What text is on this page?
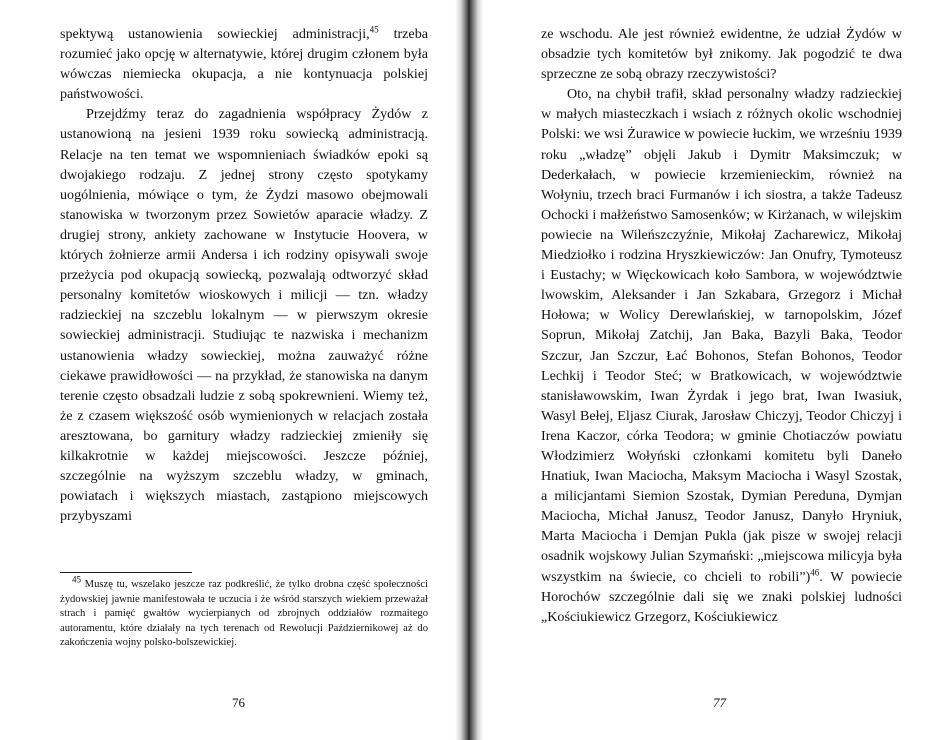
spektywą ustanowienia sowieckiej administracji,$^{45}$ trzeba rozumieć jako opcję w alternatywie, której drugim członem była wówczas niemiecka okupacja, a nie kontynuacja polskiej państwowości.

Przejdźmy teraz do zagadnienia współpracy Żydów z ustanowioną na jesieni 1939 roku sowiecką administracją. Relacje na ten temat we wspomnieniach świadków epoki są dwojakiego rodzaju. Z jednej strony często spotykamy uogólnienia, mówiące o tym, że Żydzi masowo obejmowali stanowiska w tworzonym przez Sowietów aparacie władzy. Z drugiej strony, ankiety zachowane w Instytucie Hoovera, w których żołnierze armii Andersa i ich rodziny opisywali swoje przeżycia pod okupacją sowiecką, pozwalają odtworzyć skład personalny komitetów wioskowych i milicji — tzn. władzy radzieckiej na szczeblu lokalnym — w pierwszym okresie sowieckiej administracji. Studiując te nazwiska i mechanizm ustanowienia władzy sowieckiej, można zauważyć różne ciekawe prawidłowości — na przykład, że stanowiska na danym terenie często obsadzali ludzie z sobą spokrewnieni. Wiemy też, że z czasem większość osób wymienionych w relacjach została aresztowana, bo garnitury władzy radzieckiej zmieniły się kilkakrotnie w każdej miejscowości. Jeszcze później, szczególnie na wyższym szczeblu władzy, w gminach, powiatach i większych miastach, zastąpiono miejscowych przybyszami

$^{45}$ Muszę tu, wszelako jeszcze raz podkreślić, że tylko drobna część społeczności żydowskiej jawnie manifestowała te uczucia i że wśród starszych wiekiem przeważał strach i pamięć gwałtów wycierpianych od zbrojnych oddziałów rozmaitego autoramentu, które działały na tych terenach od Rewolucji Październikowej aż do zakończenia wojny polsko-bolszewickiej.

76

ze wschodu. Ale jest również ewidentne, że udział Żydów w obsadzie tych komitetów był znikomy. Jak pogodzić te dwa sprzeczne ze sobą obrazy rzeczywistości?

Oto, na chybił trafił, skład personalny władzy radzieckiej w małych miasteczkach i wsiach z różnych okolic wschodniej Polski: we wsi Żurawice w powiecie łuckim, we wrześniu 1939 roku „władzę” objęli Jakub i Dymitr Maksimczuk; w Dederkałach, w powiecie krzemienieckim, również na Wołyniu, trzech braci Furmanów i ich siostra, a także Tadeusz Ochocki i małżeństwo Samosenków; w Kirżanach, w wilejskim powiecie na Wileńszczyźnie, Mikołaj Zacharewicz, Mikołaj Miedziołko i rodzina Hryszkiewiczów: Jan Onufry, Tymoteusz i Eustachy; w Więckowicach koło Sambora, w województwie lwowskim, Aleksander i Jan Szkabara, Grzegorz i Michał Hołowa; w Wolicy Derewlańskiej, w tarnopolskim, Józef Soprun, Mikołaj Zatchij, Jan Baka, Bazyli Baka, Teodor Szczur, Jan Szczur, Łać Bohonos, Stefan Bohonos, Teodor Lechkij i Teodor Steć; w Bratkowicach, w województwie stanisławowskim, Iwan Żyrdak i jego brat, Iwan Iwasiuk, Wasyl Bełej, Eljasz Ciurak, Jarosław Chiczyj, Teodor Chiczyj i Irena Kaczor, córka Teodora; w gminie Chotiaczów powiatu Włodzimierz Wołyński członkami komitetu byli Danełо Hnatiuk, Iwan Maciocha, Maksym Maciocha i Wasyl Szostak, a milicjantami Siemion Szostak, Dymian Pereduna, Dymjan Maciocha, Michał Janusz, Teodor Janusz, Danyło Hryniuk, Marta Maciocha i Demjan Pukla (jak pisze w swojej relacji osadnik wojskowy Julian Szymański: „miejscowa milicyja była wszystkim na świecie, co chcieli to robili”)$^{46}$. W powiecie Horochów szczególnie dali się we znaki polskiej ludności „Kościukiewicz Grzegorz, Kościukiewicz

77
